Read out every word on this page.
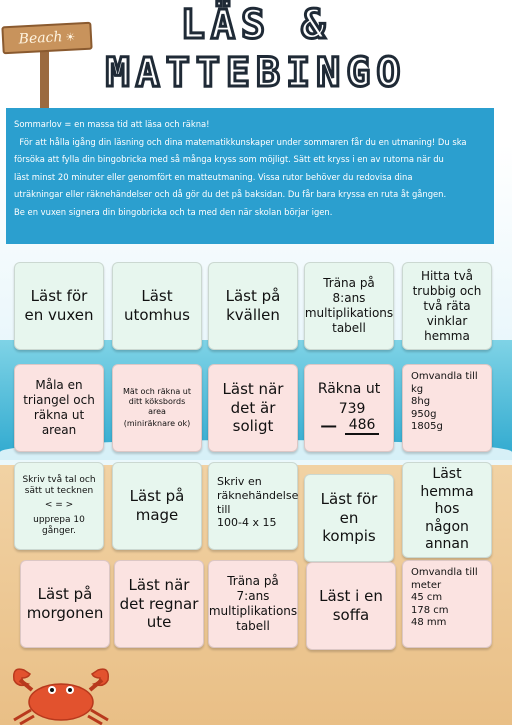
Beach ☀	LÄS &
MATTEBINGO

Sommarlov = en massa tid att läsa och räkna!

För att hålla igång din läsning och dina matematikkunskaper under sommaren får du en utmaning! Du ska

försöka att fylla din bingobricka med så många kryss som möjligt. Sätt ett kryss i en av rutorna när du

läst minst 20 minuter eller genomfört en matteutmaning. Vissa rutor behöver du redovisa dina

uträkningar eller räknehändelser och då gör du det på baksidan. Du får bara kryssa en ruta åt gången.

Be en vuxen signera din bingobricka och ta med den när skolan börjar igen.

Läst för en vuxen
Läst utomhus
Läst på kvällen
Träna på 8:ans multiplikations tabell
Hitta två trubbig och två räta vinklar hemma
Måla en triangel och räkna ut arean
Mät och räkna ut ditt köksbords area
(miniräknare ok)
Läst när det är soligt
Räkna ut
739
− 486
Omvandla till
kg
8hg
950g
1805g
Skriv två tal och sätt ut tecknen
< = >
upprepa 10 gånger.
Läst på mage
Skriv en räknehändelse till
100-4 x 15
Läst för en kompis
Läst hemma hos någon annan
Läst på morgonen
Läst när det regnar ute
Träna på 7:ans multiplikations tabell
Läst i en soffa
Omvandla till meter
45 cm
178 cm
48 mm
